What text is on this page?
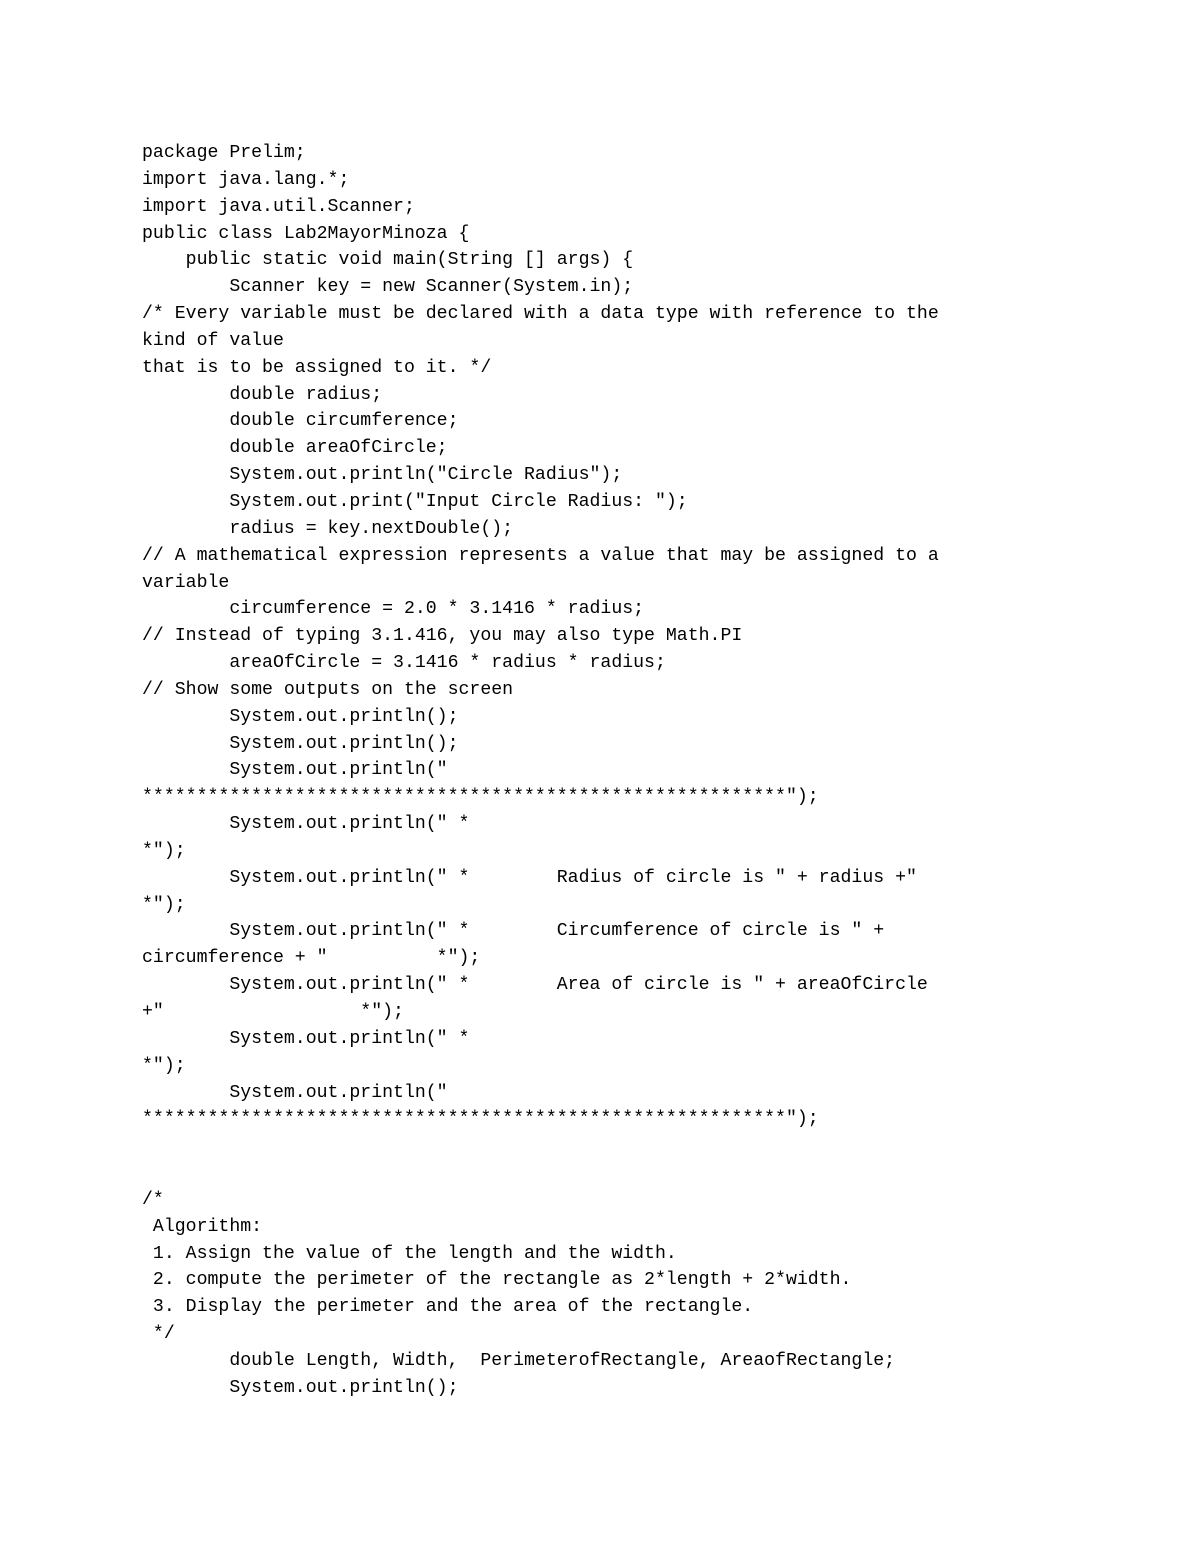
package Prelim;
import java.lang.*;
import java.util.Scanner;
public class Lab2MayorMinoza {
public static void main(String [] args) {
Scanner key = new Scanner(System.in);
/* Every variable must be declared with a data type with reference to the
kind of value
that is to be assigned to it. */
double radius;
double circumference;
double areaOfCircle;
System.out.println("Circle Radius");
System.out.print("Input Circle Radius: ");
radius = key.nextDouble();
// A mathematical expression represents a value that may be assigned to a
variable
circumference = 2.0 * 3.1416 * radius;
// Instead of typing 3.1.416, you may also type Math.PI
areaOfCircle = 3.1416 * radius * radius;
// Show some outputs on the screen
System.out.println();
System.out.println();
System.out.println("
***********************************************************");
System.out.println(" *
*");
System.out.println(" *        Radius of circle is " + radius +"
*");
System.out.println(" *        Circumference of circle is " +
circumference + "          *");
System.out.println(" *        Area of circle is " + areaOfCircle
+"                  *");
System.out.println(" *
*");
System.out.println("
***********************************************************");
/*
Algorithm:
1. Assign the value of the length and the width.
2. compute the perimeter of the rectangle as 2*length + 2*width.
3. Display the perimeter and the area of the rectangle.
*/
double Length, Width,  PerimeterofRectangle, AreaofRectangle;
System.out.println();
